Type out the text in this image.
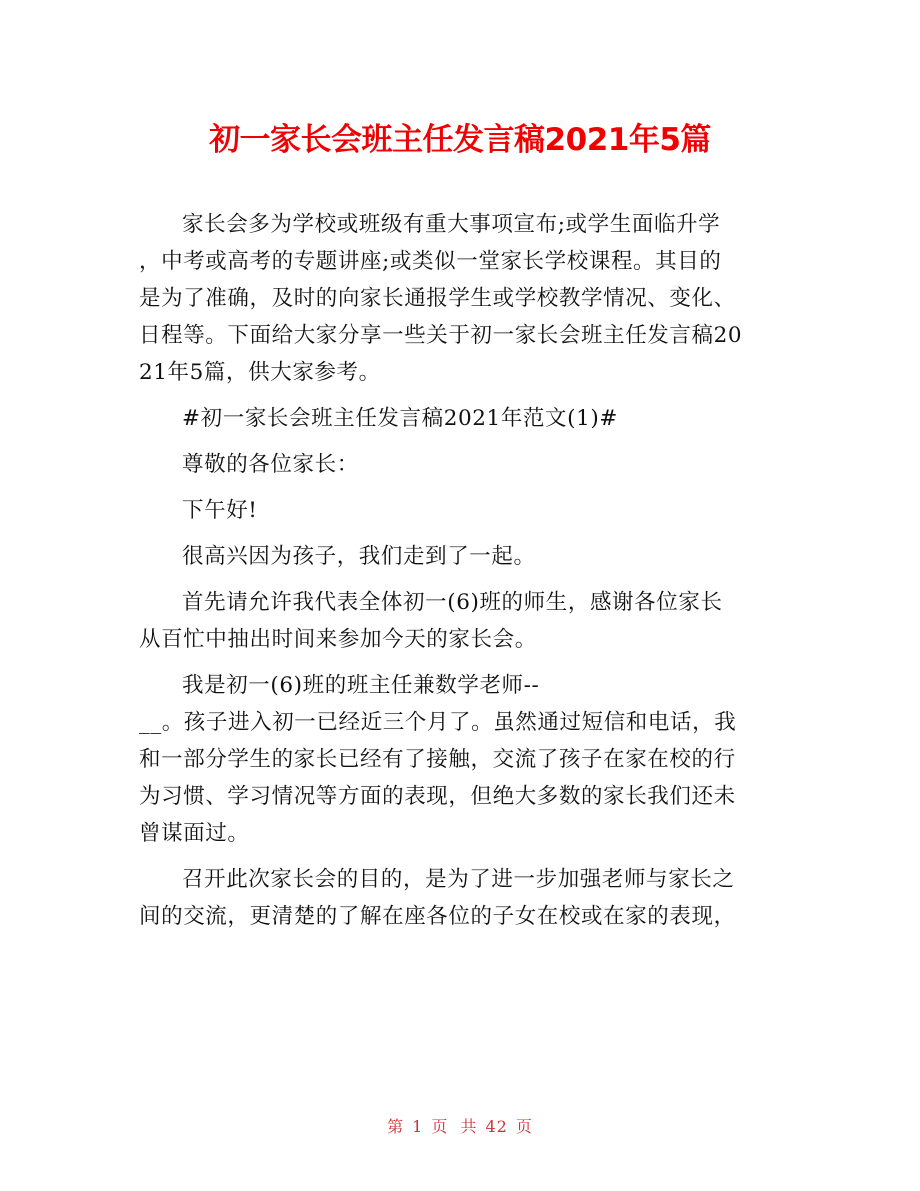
初一家长会班主任发言稿2021年5篇

家长会多为学校或班级有重大事项宣布;或学生面临升学
，中考或高考的专题讲座;或类似一堂家长学校课程。其目的
是为了准确，及时的向家长通报学生或学校教学情况、变化、
日程等。下面给大家分享一些关于初一家长会班主任发言稿20
21年5篇，供大家参考。

#初一家长会班主任发言稿2021年范文(1)#

尊敬的各位家长：

下午好!

很高兴因为孩子，我们走到了一起。

首先请允许我代表全体初一(6)班的师生，感谢各位家长
从百忙中抽出时间来参加今天的家长会。

我是初一(6)班的班主任兼数学老师--
__。孩子进入初一已经近三个月了。虽然通过短信和电话，我
和一部分学生的家长已经有了接触，交流了孩子在家在校的行
为习惯、学习情况等方面的表现，但绝大多数的家长我们还未
曾谋面过。

召开此次家长会的目的，是为了进一步加强老师与家长之
间的交流，更清楚的了解在座各位的子女在校或在家的表现，

第 1 页 共 42 页
